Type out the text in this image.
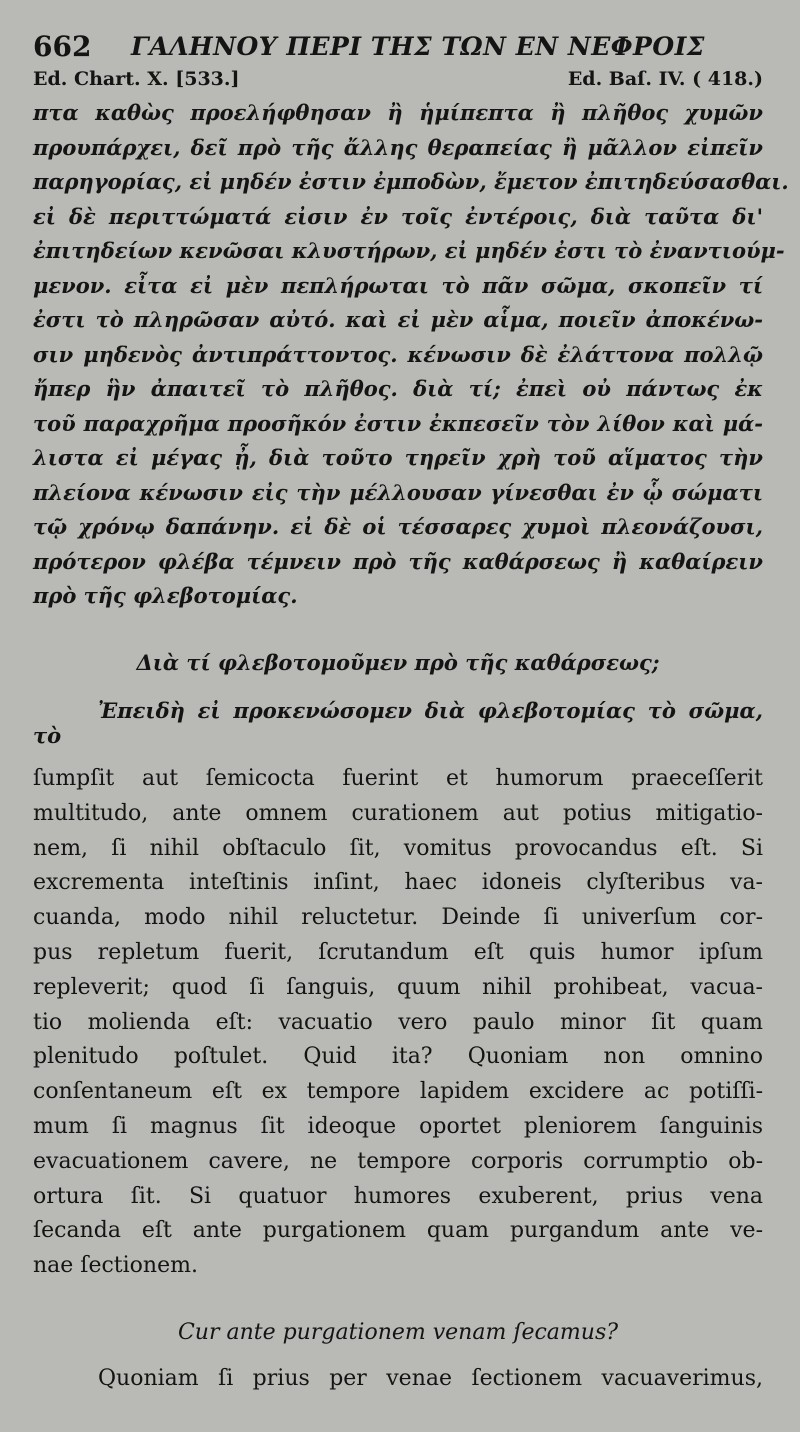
662 ΓΑΛΗΝΟΥ ΠΕΡΙ ΤΗΣ ΤΩΝ ΕΝ ΝΕΦΡΟΙΣ
Ed. Chart. X. [533.]	Ed. Baſ. IV. ( 418.)
πτα καθὼς προελήφθησαν ἢ ἡμίπεπτα ἢ πλῆθος χυμῶν
προυπάρχει, δεῖ πρὸ τῆς ἄλλης θεραπείας ἢ μᾶλλον εἰπεῖν
παρηγορίας, εἰ μηδέν ἐστιν ἐμποδὼν, ἔμετον ἐπιτηδεύσασθαι.
εἰ δὲ περιττώματά εἰσιν ἐν τοῖς ἐντέροις, διὰ ταῦτα δι'
ἐπιτηδείων κενῶσαι κλυστήρων, εἰ μηδέν ἐστι τὸ ἐναντιούμ-
μενον. εἶτα εἰ μὲν πεπλήρωται τὸ πᾶν σῶμα, σκοπεῖν τί
ἐστι τὸ πληρῶσαν αὐτό. καὶ εἰ μὲν αἷμα, ποιεῖν ἀποκένω-
σιν μηδενὸς ἀντιπράττοντος. κένωσιν δὲ ἐλάττονα πολλῷ
ἤπερ ἣν ἀπαιτεῖ τὸ πλῆθος. διὰ τί; ἐπεὶ οὐ πάντως ἐκ
τοῦ παραχρῆμα προσῆκόν ἐστιν ἐκπεσεῖν τὸν λίθον καὶ μά-
λιστα εἰ μέγας ᾖ, διὰ τοῦτο τηρεῖν χρὴ τοῦ αἵματος τὴν
πλείονα κένωσιν εἰς τὴν μέλλουσαν γίνεσθαι ἐν ᾧ σώματι
τῷ χρόνῳ δαπάνην. εἰ δὲ οἱ τέσσαρες χυμοὶ πλεονάζουσι,
πρότερον φλέβα τέμνειν πρὸ τῆς καθάρσεως ἢ καθαίρειν
πρὸ τῆς φλεβοτομίας.
Διὰ τί φλεβοτομοῦμεν πρὸ τῆς καθάρσεως;
Ἐπειδὴ εἰ προκενώσομεν διὰ φλεβοτομίας τὸ σῶμα, τὸ
ſumpſit aut ſemicocta fuerint et humorum praeceſſerit
multitudo, ante omnem curationem aut potius mitigatio-
nem, ſi nihil obſtaculo ſit, vomitus provocandus eſt. Si
excrementa inteſtinis inſint, haec idoneis clyſteribus va-
cuanda, modo nihil reluctetur. Deinde ſi univerſum cor-
pus repletum fuerit, ſcrutandum eſt quis humor ipſum
repleverit; quod ſi ſanguis, quum nihil prohibeat, vacua-
tio molienda eſt: vacuatio vero paulo minor ſit quam
plenitudo poſtulet. Quid ita? Quoniam non omnino
conſentaneum eſt ex tempore lapidem excidere ac potiſſi-
mum ſi magnus ſit ideoque oportet pleniorem ſanguinis
evacuationem cavere, ne tempore corporis corrumptio ob-
ortura ſit. Si quatuor humores exuberent, prius vena
ſecanda eſt ante purgationem quam purgandum ante ve-
nae ſectionem.
Cur ante purgationem venam ſecamus?
Quoniam ſi prius per venae ſectionem vacuaverimus,
